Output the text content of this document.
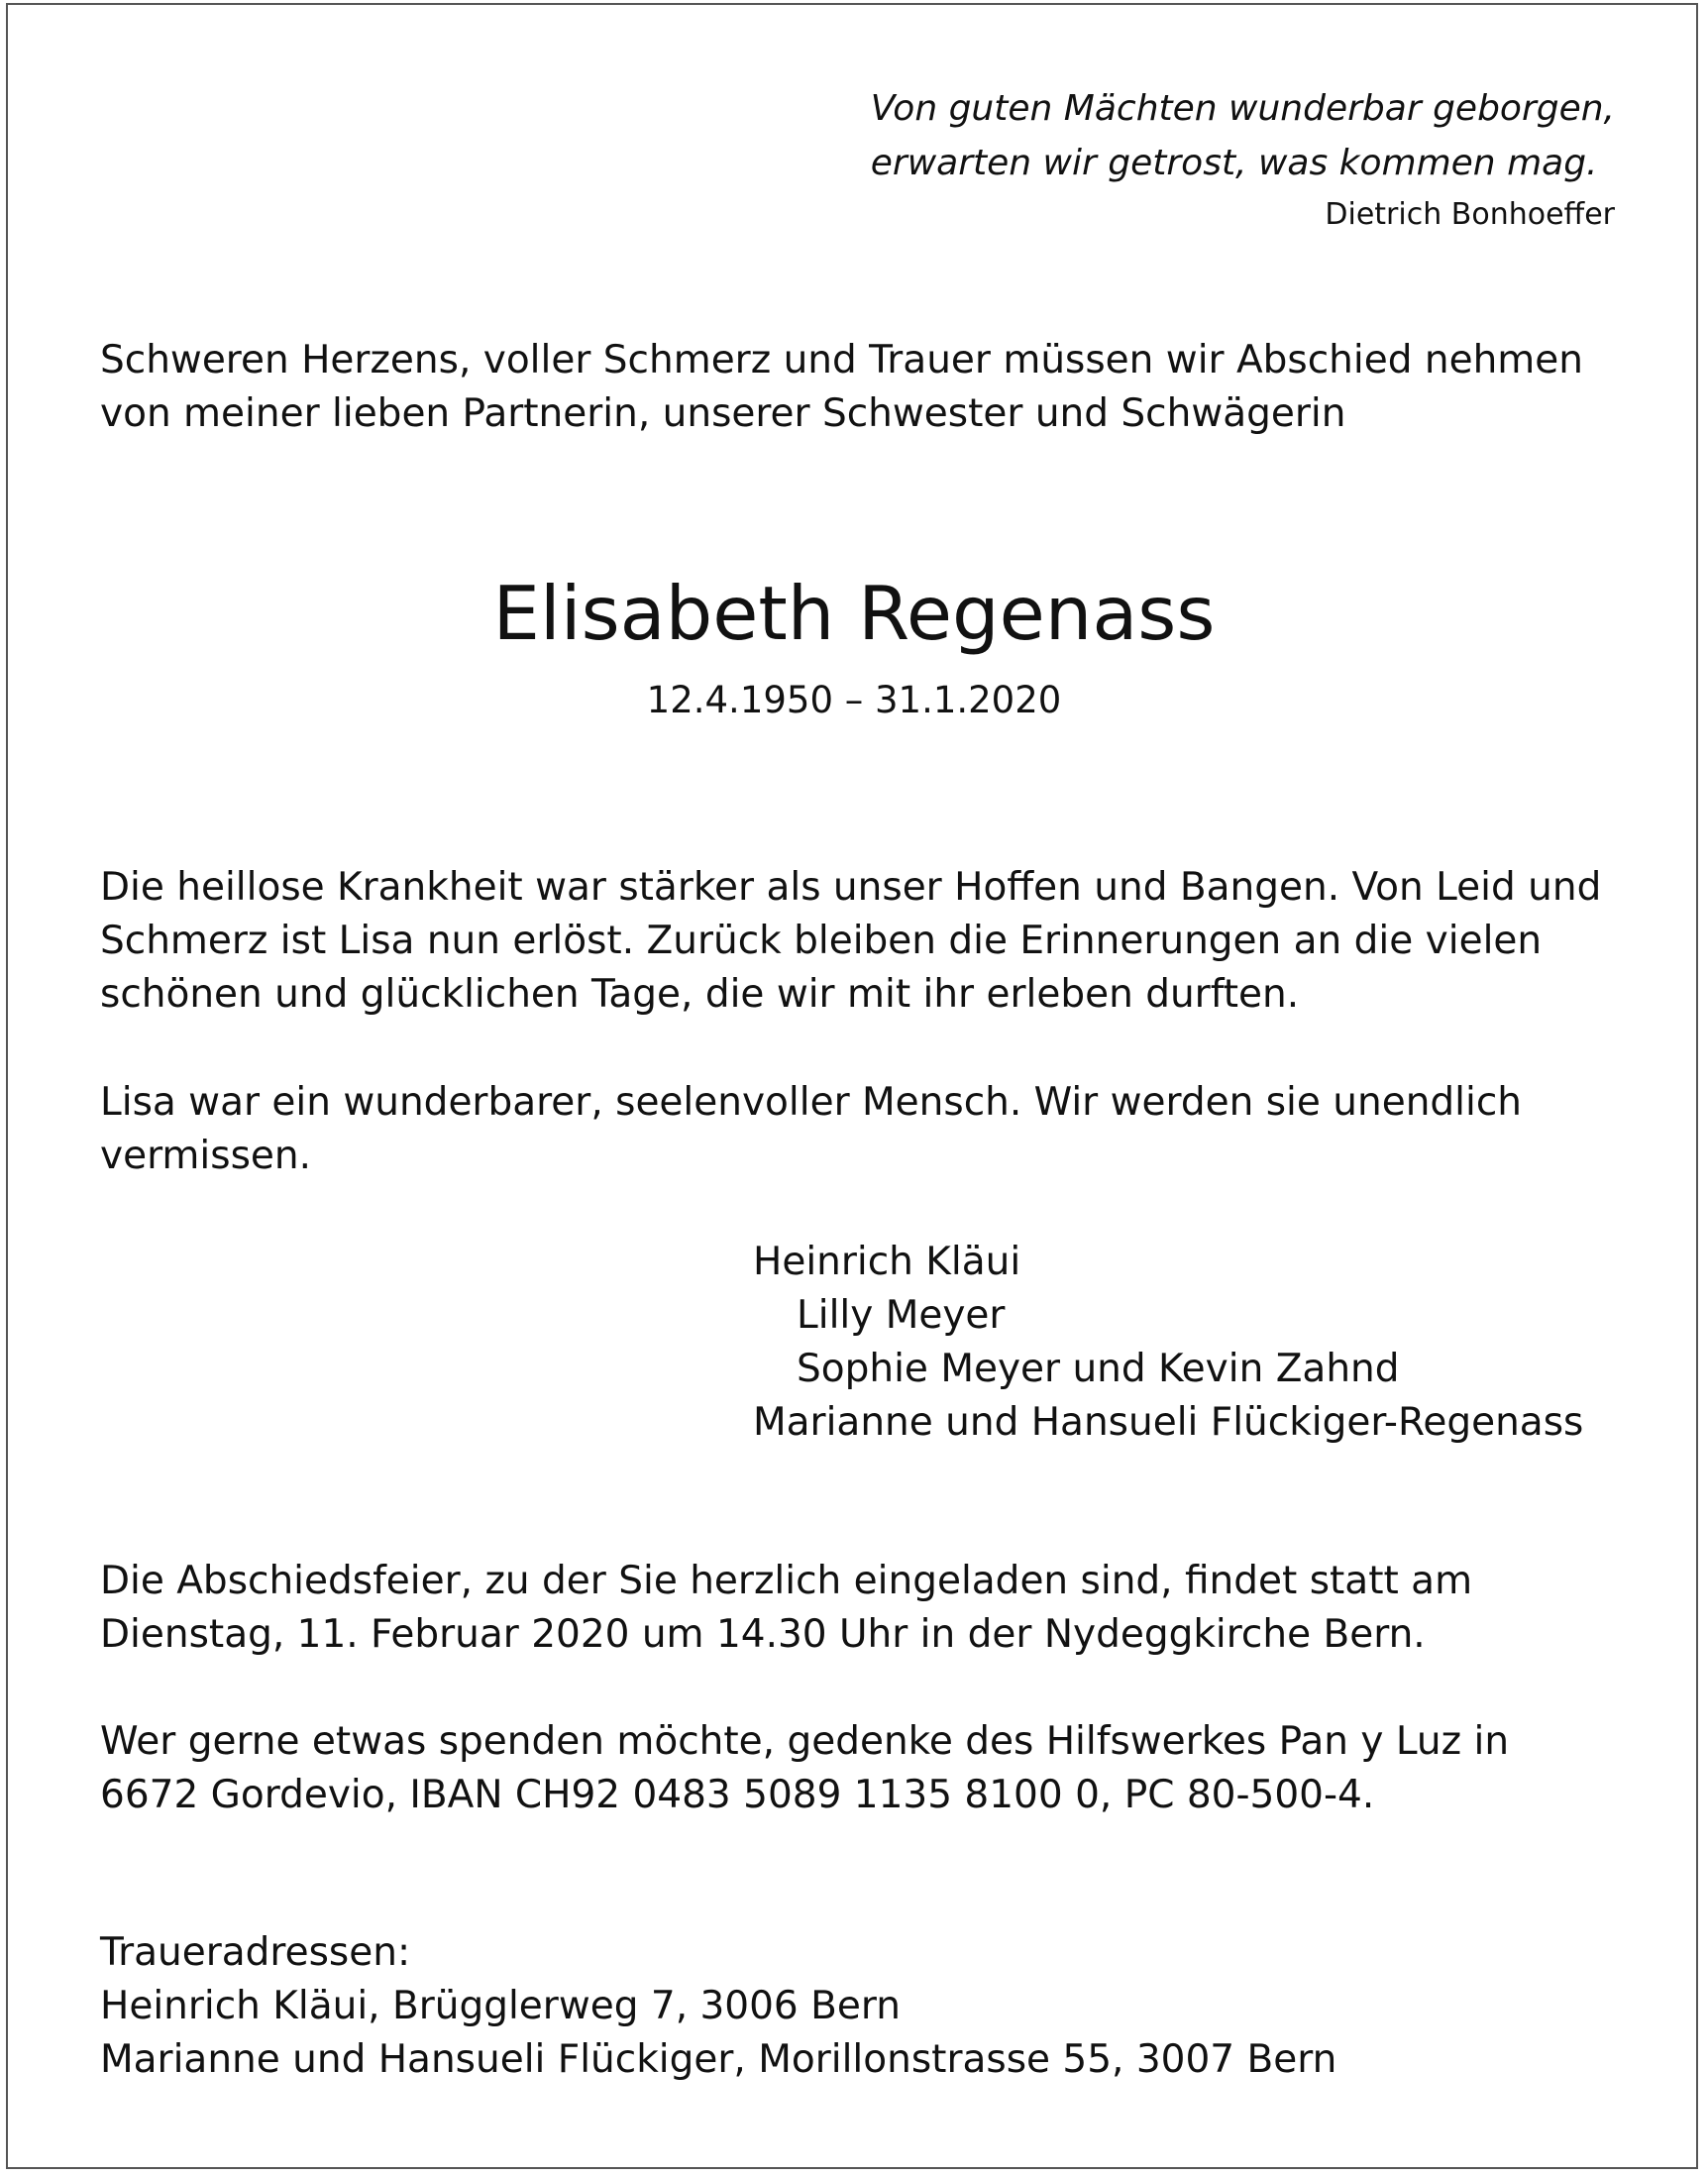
Von guten Mächten wunderbar geborgen,
erwarten wir getrost, was kommen mag.
Dietrich Bonhoeffer
Schweren Herzens, voller Schmerz und Trauer müssen wir Abschied nehmen
von meiner lieben Partnerin, unserer Schwester und Schwägerin
Elisabeth Regenass
12.4.1950 – 31.1.2020
Die heillose Krankheit war stärker als unser Hoffen und Bangen. Von Leid und
Schmerz ist Lisa nun erlöst. Zurück bleiben die Erinnerungen an die vielen
schönen und glücklichen Tage, die wir mit ihr erleben durften.
Lisa war ein wunderbarer, seelenvoller Mensch. Wir werden sie unendlich
vermissen.
Heinrich Kläui
Lilly Meyer
Sophie Meyer und Kevin Zahnd
Marianne und Hansueli Flückiger-Regenass
Die Abschiedsfeier, zu der Sie herzlich eingeladen sind, findet statt am
Dienstag, 11. Februar 2020 um 14.30 Uhr in der Nydeggkirche Bern.
Wer gerne etwas spenden möchte, gedenke des Hilfswerkes Pan y Luz in
6672 Gordevio, IBAN CH92 0483 5089 1135 8100 0, PC 80-500-4.
Traueradressen:
Heinrich Kläui, Brügglerweg 7, 3006 Bern
Marianne und Hansueli Flückiger, Morillonstrasse 55, 3007 Bern
